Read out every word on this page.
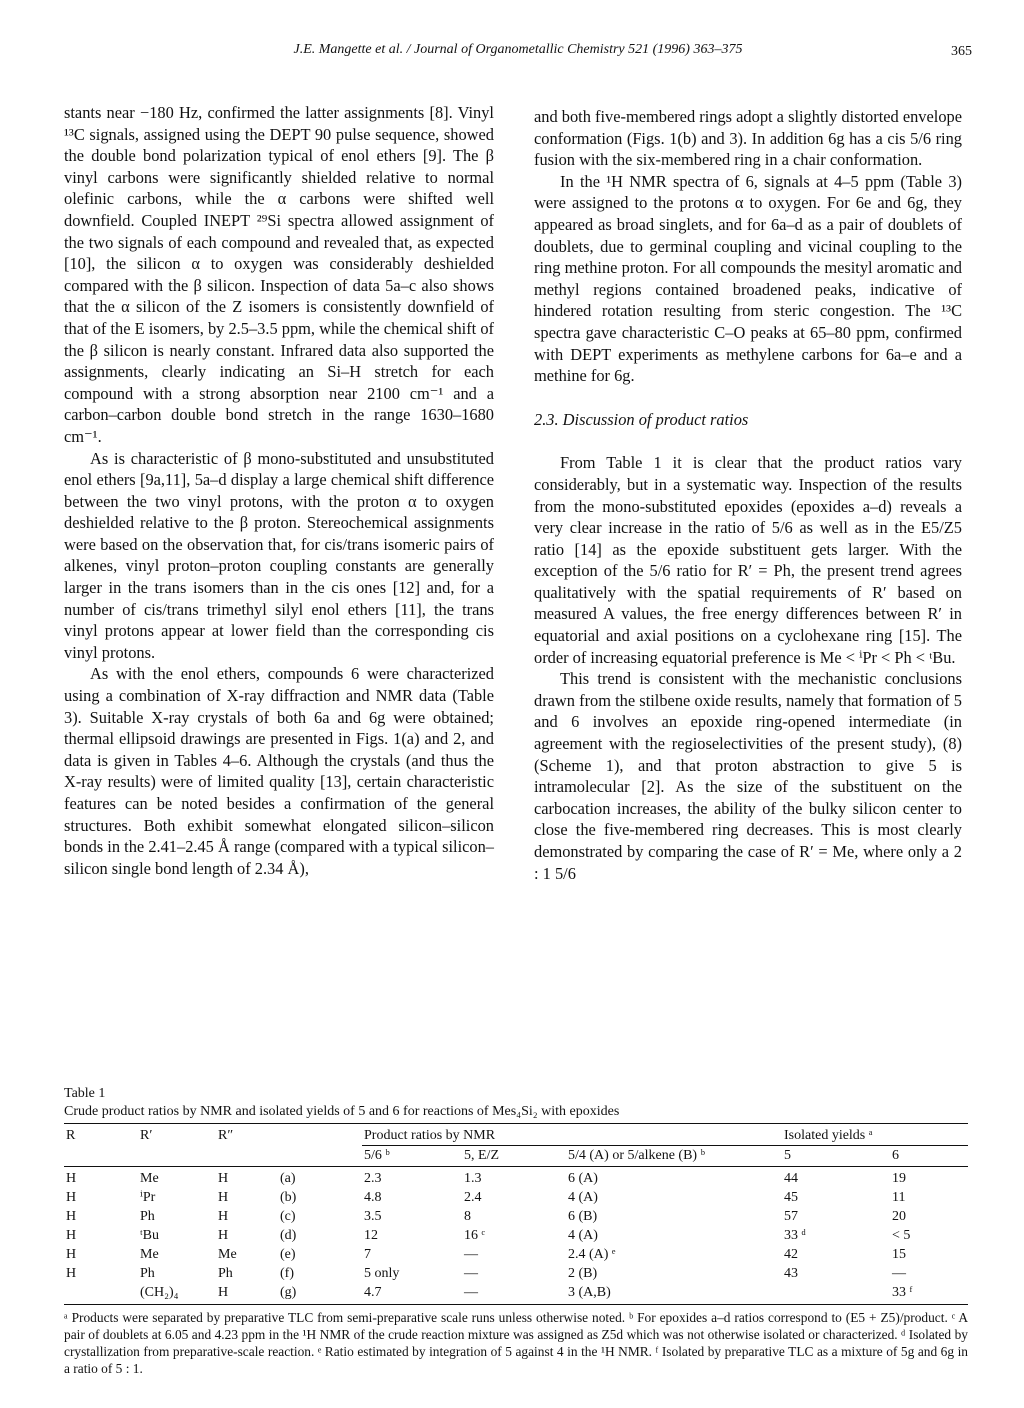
J.E. Mangette et al. / Journal of Organometallic Chemistry 521 (1996) 363–375	365

stants near −180 Hz, confirmed the latter assignments [8]. Vinyl ¹³C signals, assigned using the DEPT 90 pulse sequence, showed the double bond polarization typical of enol ethers [9]. The β vinyl carbons were significantly shielded relative to normal olefinic carbons, while the α carbons were shifted well downfield. Coupled INEPT ²⁹Si spectra allowed assignment of the two signals of each compound and revealed that, as expected [10], the silicon α to oxygen was considerably deshielded compared with the β silicon. Inspection of data 5a–c also shows that the α silicon of the Z isomers is consistently downfield of that of the E isomers, by 2.5–3.5 ppm, while the chemical shift of the β silicon is nearly constant. Infrared data also supported the assignments, clearly indicating an Si–H stretch for each compound with a strong absorption near 2100 cm⁻¹ and a carbon–carbon double bond stretch in the range 1630–1680 cm⁻¹.

As is characteristic of β mono-substituted and unsubstituted enol ethers [9a,11], 5a–d display a large chemical shift difference between the two vinyl protons, with the proton α to oxygen deshielded relative to the β proton. Stereochemical assignments were based on the observation that, for cis/trans isomeric pairs of alkenes, vinyl proton–proton coupling constants are generally larger in the trans isomers than in the cis ones [12] and, for a number of cis/trans trimethyl silyl enol ethers [11], the trans vinyl protons appear at lower field than the corresponding cis vinyl protons.

As with the enol ethers, compounds 6 were characterized using a combination of X-ray diffraction and NMR data (Table 3). Suitable X-ray crystals of both 6a and 6g were obtained; thermal ellipsoid drawings are presented in Figs. 1(a) and 2, and data is given in Tables 4–6. Although the crystals (and thus the X-ray results) were of limited quality [13], certain characteristic features can be noted besides a confirmation of the general structures. Both exhibit somewhat elongated silicon–silicon bonds in the 2.41–2.45 Å range (compared with a typical silicon–silicon single bond length of 2.34 Å),

and both five-membered rings adopt a slightly distorted envelope conformation (Figs. 1(b) and 3). In addition 6g has a cis 5/6 ring fusion with the six-membered ring in a chair conformation.

In the ¹H NMR spectra of 6, signals at 4–5 ppm (Table 3) were assigned to the protons α to oxygen. For 6e and 6g, they appeared as broad singlets, and for 6a–d as a pair of doublets of doublets, due to germinal coupling and vicinal coupling to the ring methine proton. For all compounds the mesityl aromatic and methyl regions contained broadened peaks, indicative of hindered rotation resulting from steric congestion. The ¹³C spectra gave characteristic C–O peaks at 65–80 ppm, confirmed with DEPT experiments as methylene carbons for 6a–e and a methine for 6g.

2.3. Discussion of product ratios

From Table 1 it is clear that the product ratios vary considerably, but in a systematic way. Inspection of the results from the mono-substituted epoxides (epoxides a–d) reveals a very clear increase in the ratio of 5/6 as well as in the E5/Z5 ratio [14] as the epoxide substituent gets larger. With the exception of the 5/6 ratio for R′ = Ph, the present trend agrees qualitatively with the spatial requirements of R′ based on measured A values, the free energy differences between R′ in equatorial and axial positions on a cyclohexane ring [15]. The order of increasing equatorial preference is Me < ⁱPr < Ph < ᵗBu.

This trend is consistent with the mechanistic conclusions drawn from the stilbene oxide results, namely that formation of 5 and 6 involves an epoxide ring-opened intermediate (in agreement with the regioselectivities of the present study), (8) (Scheme 1), and that proton abstraction to give 5 is intramolecular [2]. As the size of the substituent on the carbocation increases, the ability of the bulky silicon center to close the five-membered ring decreases. This is most clearly demonstrated by comparing the case of R′ = Me, where only a 2 : 1 5/6

Table 1

Crude product ratios by NMR and isolated yields of 5 and 6 for reactions of Mes₄Si₂ with epoxides

R	R′	R″		Product ratios by NMR			Isolated yields ᵃ	
				5/6 ᵇ	5, E/Z	5/4 (A) or 5/alkene (B) ᵇ	5	6
H	Me	H	(a)	2.3	1.3	6 (A)	44	19
H	ⁱPr	H	(b)	4.8	2.4	4 (A)	45	11
H	Ph	H	(c)	3.5	8	6 (B)	57	20
H	ᵗBu	H	(d)	12	16 ᶜ	4 (A)	33 ᵈ	< 5
H	Me	Me	(e)	7	—	2.4 (A) ᵉ	42	15
H	Ph	Ph	(f)	5 only	—	2 (B)	43	—
	(CH₂)₄	H	(g)	4.7	—	3 (A,B)		33 ᶠ

ᵃ Products were separated by preparative TLC from semi-preparative scale runs unless otherwise noted. ᵇ For epoxides a–d ratios correspond to (E5 + Z5)/product. ᶜ A pair of doublets at 6.05 and 4.23 ppm in the ¹H NMR of the crude reaction mixture was assigned as Z5d which was not otherwise isolated or characterized. ᵈ Isolated by crystallization from preparative-scale reaction. ᵉ Ratio estimated by integration of 5 against 4 in the ¹H NMR. ᶠ Isolated by preparative TLC as a mixture of 5g and 6g in a ratio of 5 : 1.
